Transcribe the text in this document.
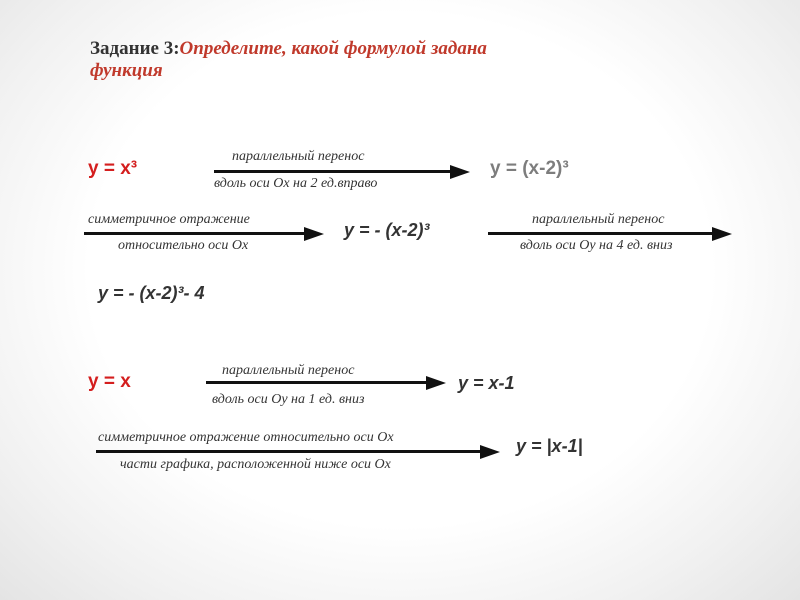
Задание 3:Определите, какой формулой задана функция
y = x³
параллельный перенос
вдоль оси Ох на 2 ед.вправо
y = (x-2)³
симметричное отражение
относительно оси Ох
y = - (x-2)³
параллельный перенос
вдоль оси Оу на 4 ед. вниз
y = - (x-2)³- 4
y = x
параллельный перенос
вдоль оси Оу на 1 ед. вниз
y = x-1
симметричное отражение относительно оси Ох
части графика, расположенной ниже оси Ох
y = |x-1|
